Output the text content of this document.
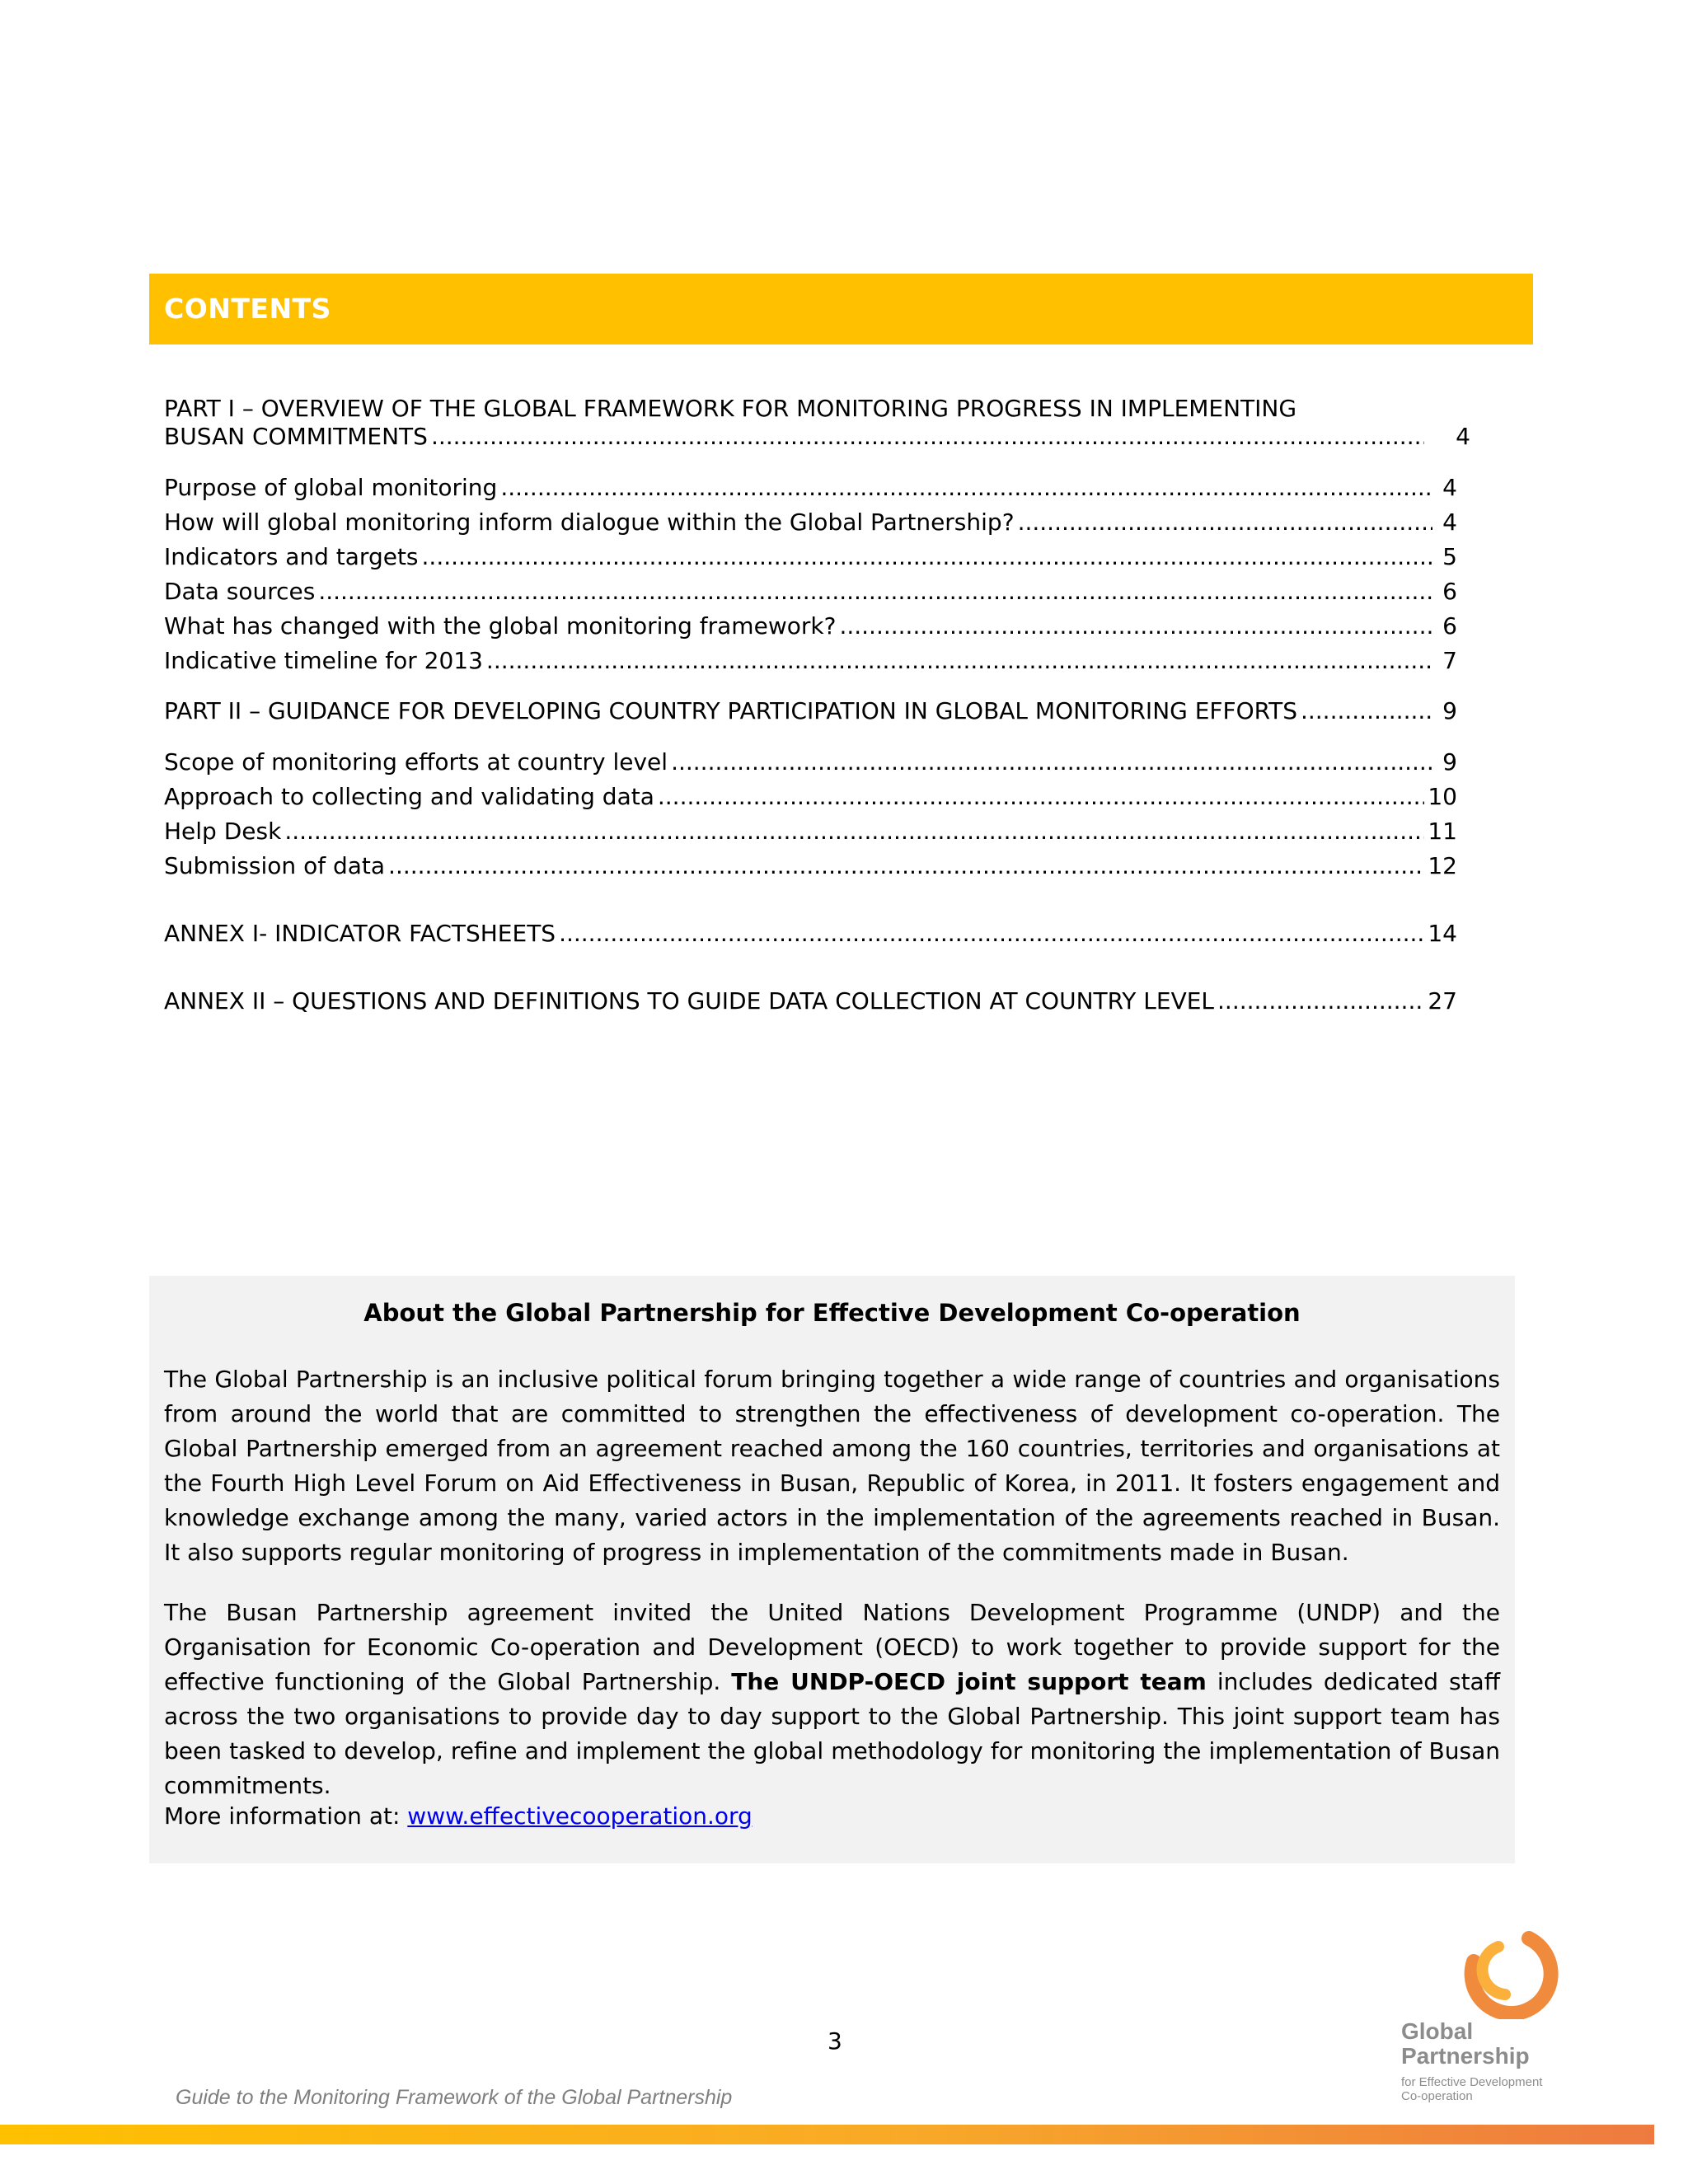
CONTENTS
PART I – OVERVIEW OF THE GLOBAL FRAMEWORK FOR MONITORING PROGRESS IN IMPLEMENTING
BUSAN COMMITMENTS .....	4
Purpose of global monitoring .....	4
How will global monitoring inform dialogue within the Global Partnership? .....	4
Indicators and targets .....	5
Data sources .....	6
What has changed with the global monitoring framework? .....	6
Indicative timeline for 2013 .....	7
PART II – GUIDANCE FOR DEVELOPING COUNTRY PARTICIPATION IN GLOBAL MONITORING EFFORTS .....	9
Scope of monitoring efforts at country level .....	9
Approach to collecting and validating data .....	10
Help Desk .....	11
Submission of data .....	12
ANNEX I- INDICATOR FACTSHEETS .....	14
ANNEX II – QUESTIONS AND DEFINITIONS TO GUIDE DATA COLLECTION AT COUNTRY LEVEL .....	27
About the Global Partnership for Effective Development Co-operation
The Global Partnership is an inclusive political forum bringing together a wide range of countries and organisations from around the world that are committed to strengthen the effectiveness of development co-operation. The Global Partnership emerged from an agreement reached among the 160 countries, territories and organisations at the Fourth High Level Forum on Aid Effectiveness in Busan, Republic of Korea, in 2011. It fosters engagement and knowledge exchange among the many, varied actors in the implementation of the agreements reached in Busan. It also supports regular monitoring of progress in implementation of the commitments made in Busan.
The Busan Partnership agreement invited the United Nations Development Programme (UNDP) and the Organisation for Economic Co-operation and Development (OECD) to work together to provide support for the effective functioning of the Global Partnership. The UNDP-OECD joint support team includes dedicated staff across the two organisations to provide day to day support to the Global Partnership. This joint support team has been tasked to develop, refine and implement the global methodology for monitoring the implementation of Busan commitments.
More information at: www.effectivecooperation.org
3
Guide to the Monitoring Framework of the Global Partnership
Global
Partnership
for Effective Development
Co-operation
